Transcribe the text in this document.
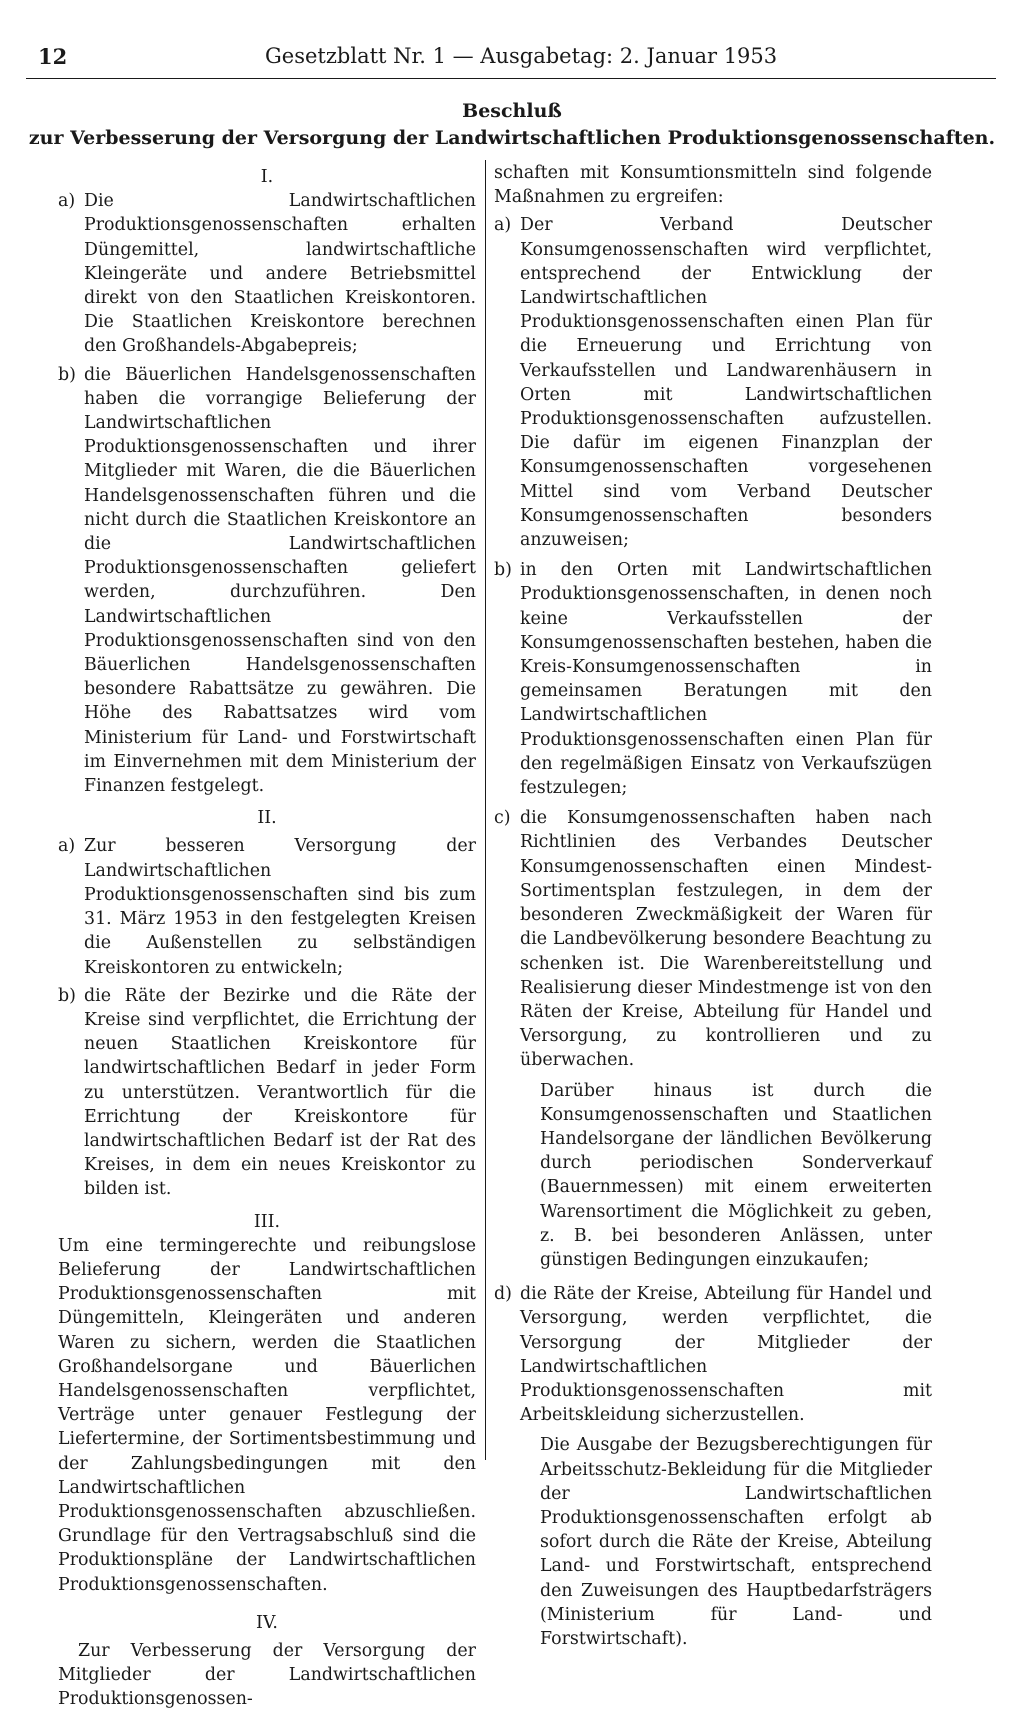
12	Gesetzblatt Nr. 1 — Ausgabetag: 2. Januar 1953
Beschluß
zur Verbesserung der Versorgung der Landwirtschaftlichen Produktionsgenossenschaften.

I.

a) Die Landwirtschaftlichen Produktionsgenossenschaften erhalten Düngemittel, landwirtschaftliche Kleingeräte und andere Betriebsmittel direkt von den Staatlichen Kreiskontoren. Die Staatlichen Kreiskontore berechnen den Großhandels-Abgabepreis;

b) die Bäuerlichen Handelsgenossenschaften haben die vorrangige Belieferung der Landwirtschaftlichen Produktionsgenossenschaften und ihrer Mitglieder mit Waren, die die Bäuerlichen Handelsgenossenschaften führen und die nicht durch die Staatlichen Kreiskontore an die Landwirtschaftlichen Produktionsgenossenschaften geliefert werden, durchzuführen. Den Landwirtschaftlichen Produktionsgenossenschaften sind von den Bäuerlichen Handelsgenossenschaften besondere Rabattsätze zu gewähren. Die Höhe des Rabattsatzes wird vom Ministerium für Land- und Forstwirtschaft im Einvernehmen mit dem Ministerium der Finanzen festgelegt.

II.

a) Zur besseren Versorgung der Landwirtschaftlichen Produktionsgenossenschaften sind bis zum 31. März 1953 in den festgelegten Kreisen die Außenstellen zu selbständigen Kreiskontoren zu entwickeln;

b) die Räte der Bezirke und die Räte der Kreise sind verpflichtet, die Errichtung der neuen Staatlichen Kreiskontore für landwirtschaftlichen Bedarf in jeder Form zu unterstützen. Verantwortlich für die Errichtung der Kreiskontore für landwirtschaftlichen Bedarf ist der Rat des Kreises, in dem ein neues Kreiskontor zu bilden ist.

III.

Um eine termingerechte und reibungslose Belieferung der Landwirtschaftlichen Produktionsgenossenschaften mit Düngemitteln, Kleingeräten und anderen Waren zu sichern, werden die Staatlichen Großhandelsorgane und Bäuerlichen Handelsgenossenschaften verpflichtet, Verträge unter genauer Festlegung der Liefertermine, der Sortimentsbestimmung und der Zahlungsbedingungen mit den Landwirtschaftlichen Produktionsgenossenschaften abzuschließen. Grundlage für den Vertragsabschluß sind die Produktionspläne der Landwirtschaftlichen Produktionsgenossenschaften.

IV.

Zur Verbesserung der Versorgung der Mitglieder der Landwirtschaftlichen Produktionsgenossen-

schaften mit Konsumtionsmitteln sind folgende Maßnahmen zu ergreifen:

a) Der Verband Deutscher Konsumgenossenschaften wird verpflichtet, entsprechend der Entwicklung der Landwirtschaftlichen Produktionsgenossenschaften einen Plan für die Erneuerung und Errichtung von Verkaufsstellen und Landwarenhäusern in Orten mit Landwirtschaftlichen Produktionsgenossenschaften aufzustellen. Die dafür im eigenen Finanzplan der Konsumgenossenschaften vorgesehenen Mittel sind vom Verband Deutscher Konsumgenossenschaften besonders anzuweisen;

b) in den Orten mit Landwirtschaftlichen Produktionsgenossenschaften, in denen noch keine Verkaufsstellen der Konsumgenossenschaften bestehen, haben die Kreis-Konsumgenossenschaften in gemeinsamen Beratungen mit den Landwirtschaftlichen Produktionsgenossenschaften einen Plan für den regelmäßigen Einsatz von Verkaufszügen festzulegen;

c) die Konsumgenossenschaften haben nach Richtlinien des Verbandes Deutscher Konsumgenossenschaften einen Mindest-Sortimentsplan festzulegen, in dem der besonderen Zweckmäßigkeit der Waren für die Landbevölkerung besondere Beachtung zu schenken ist. Die Warenbereitstellung und Realisierung dieser Mindestmenge ist von den Räten der Kreise, Abteilung für Handel und Versorgung, zu kontrollieren und zu überwachen.

Darüber hinaus ist durch die Konsumgenossenschaften und Staatlichen Handelsorgane der ländlichen Bevölkerung durch periodischen Sonderverkauf (Bauernmessen) mit einem erweiterten Warensortiment die Möglichkeit zu geben, z. B. bei besonderen Anlässen, unter günstigen Bedingungen einzukaufen;

d) die Räte der Kreise, Abteilung für Handel und Versorgung, werden verpflichtet, die Versorgung der Mitglieder der Landwirtschaftlichen Produktionsgenossenschaften mit Arbeitskleidung sicherzustellen.

Die Ausgabe der Bezugsberechtigungen für Arbeitsschutz-Bekleidung für die Mitglieder der Landwirtschaftlichen Produktionsgenossenschaften erfolgt ab sofort durch die Räte der Kreise, Abteilung Land- und Forstwirtschaft, entsprechend den Zuweisungen des Hauptbedarfsträgers (Ministerium für Land- und Forstwirtschaft).
